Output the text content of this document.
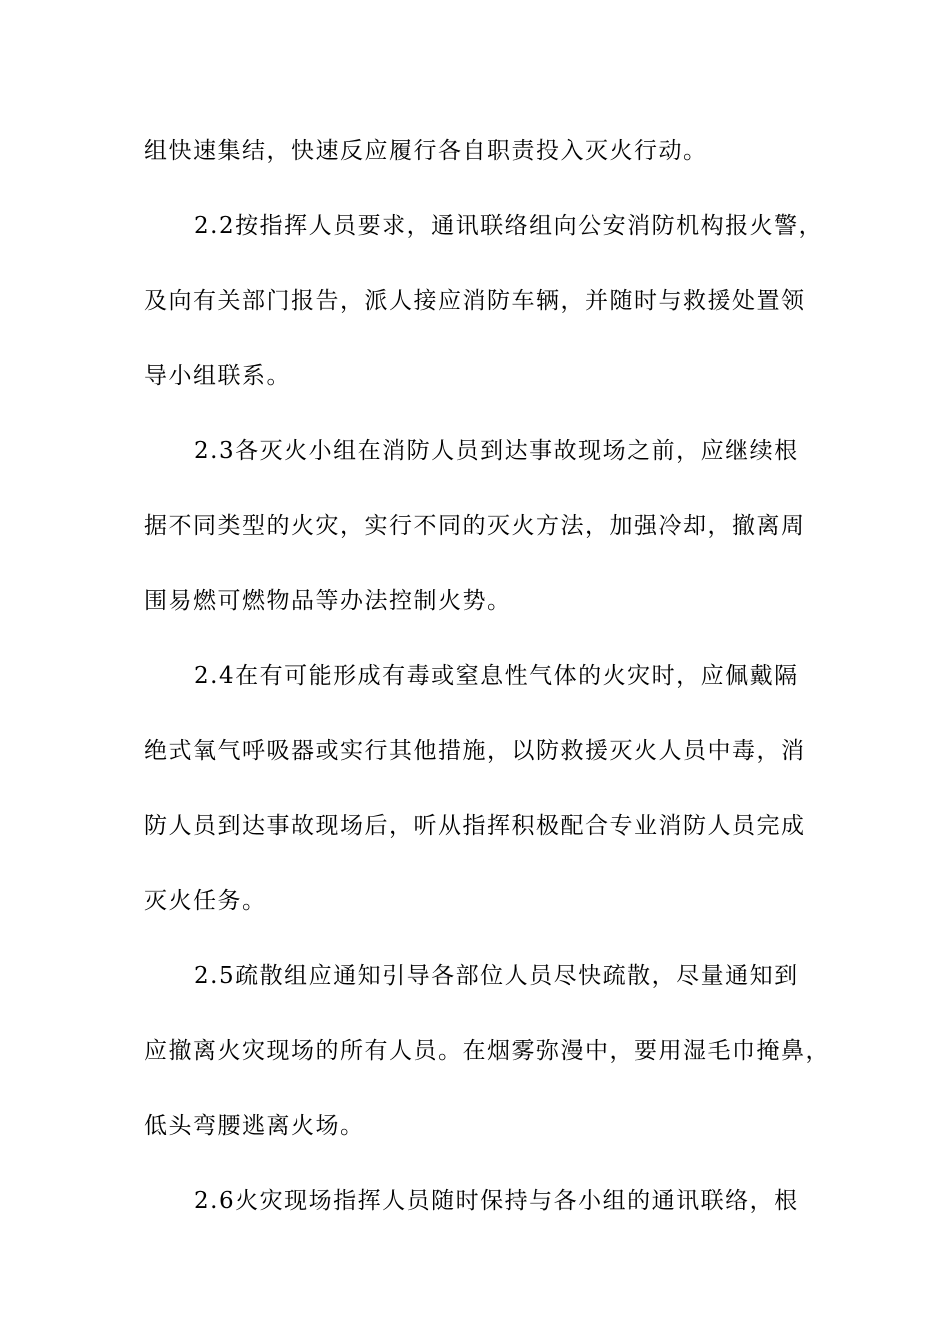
组快速集结，快速反应履行各自职责投入灭火行动。
2.2按指挥人员要求，通讯联络组向公安消防机构报火警，
及向有关部门报告，派人接应消防车辆，并随时与救援处置领
导小组联系。
2.3各灭火小组在消防人员到达事故现场之前，应继续根
据不同类型的火灾，实行不同的灭火方法，加强冷却，撤离周
围易燃可燃物品等办法控制火势。
2.4在有可能形成有毒或窒息性气体的火灾时，应佩戴隔
绝式氧气呼吸器或实行其他措施，以防救援灭火人员中毒，消
防人员到达事故现场后，听从指挥积极配合专业消防人员完成
灭火任务。
2.5疏散组应通知引导各部位人员尽快疏散，尽量通知到
应撤离火灾现场的所有人员。在烟雾弥漫中，要用湿毛巾掩鼻，
低头弯腰逃离火场。
2.6火灾现场指挥人员随时保持与各小组的通讯联络，根
